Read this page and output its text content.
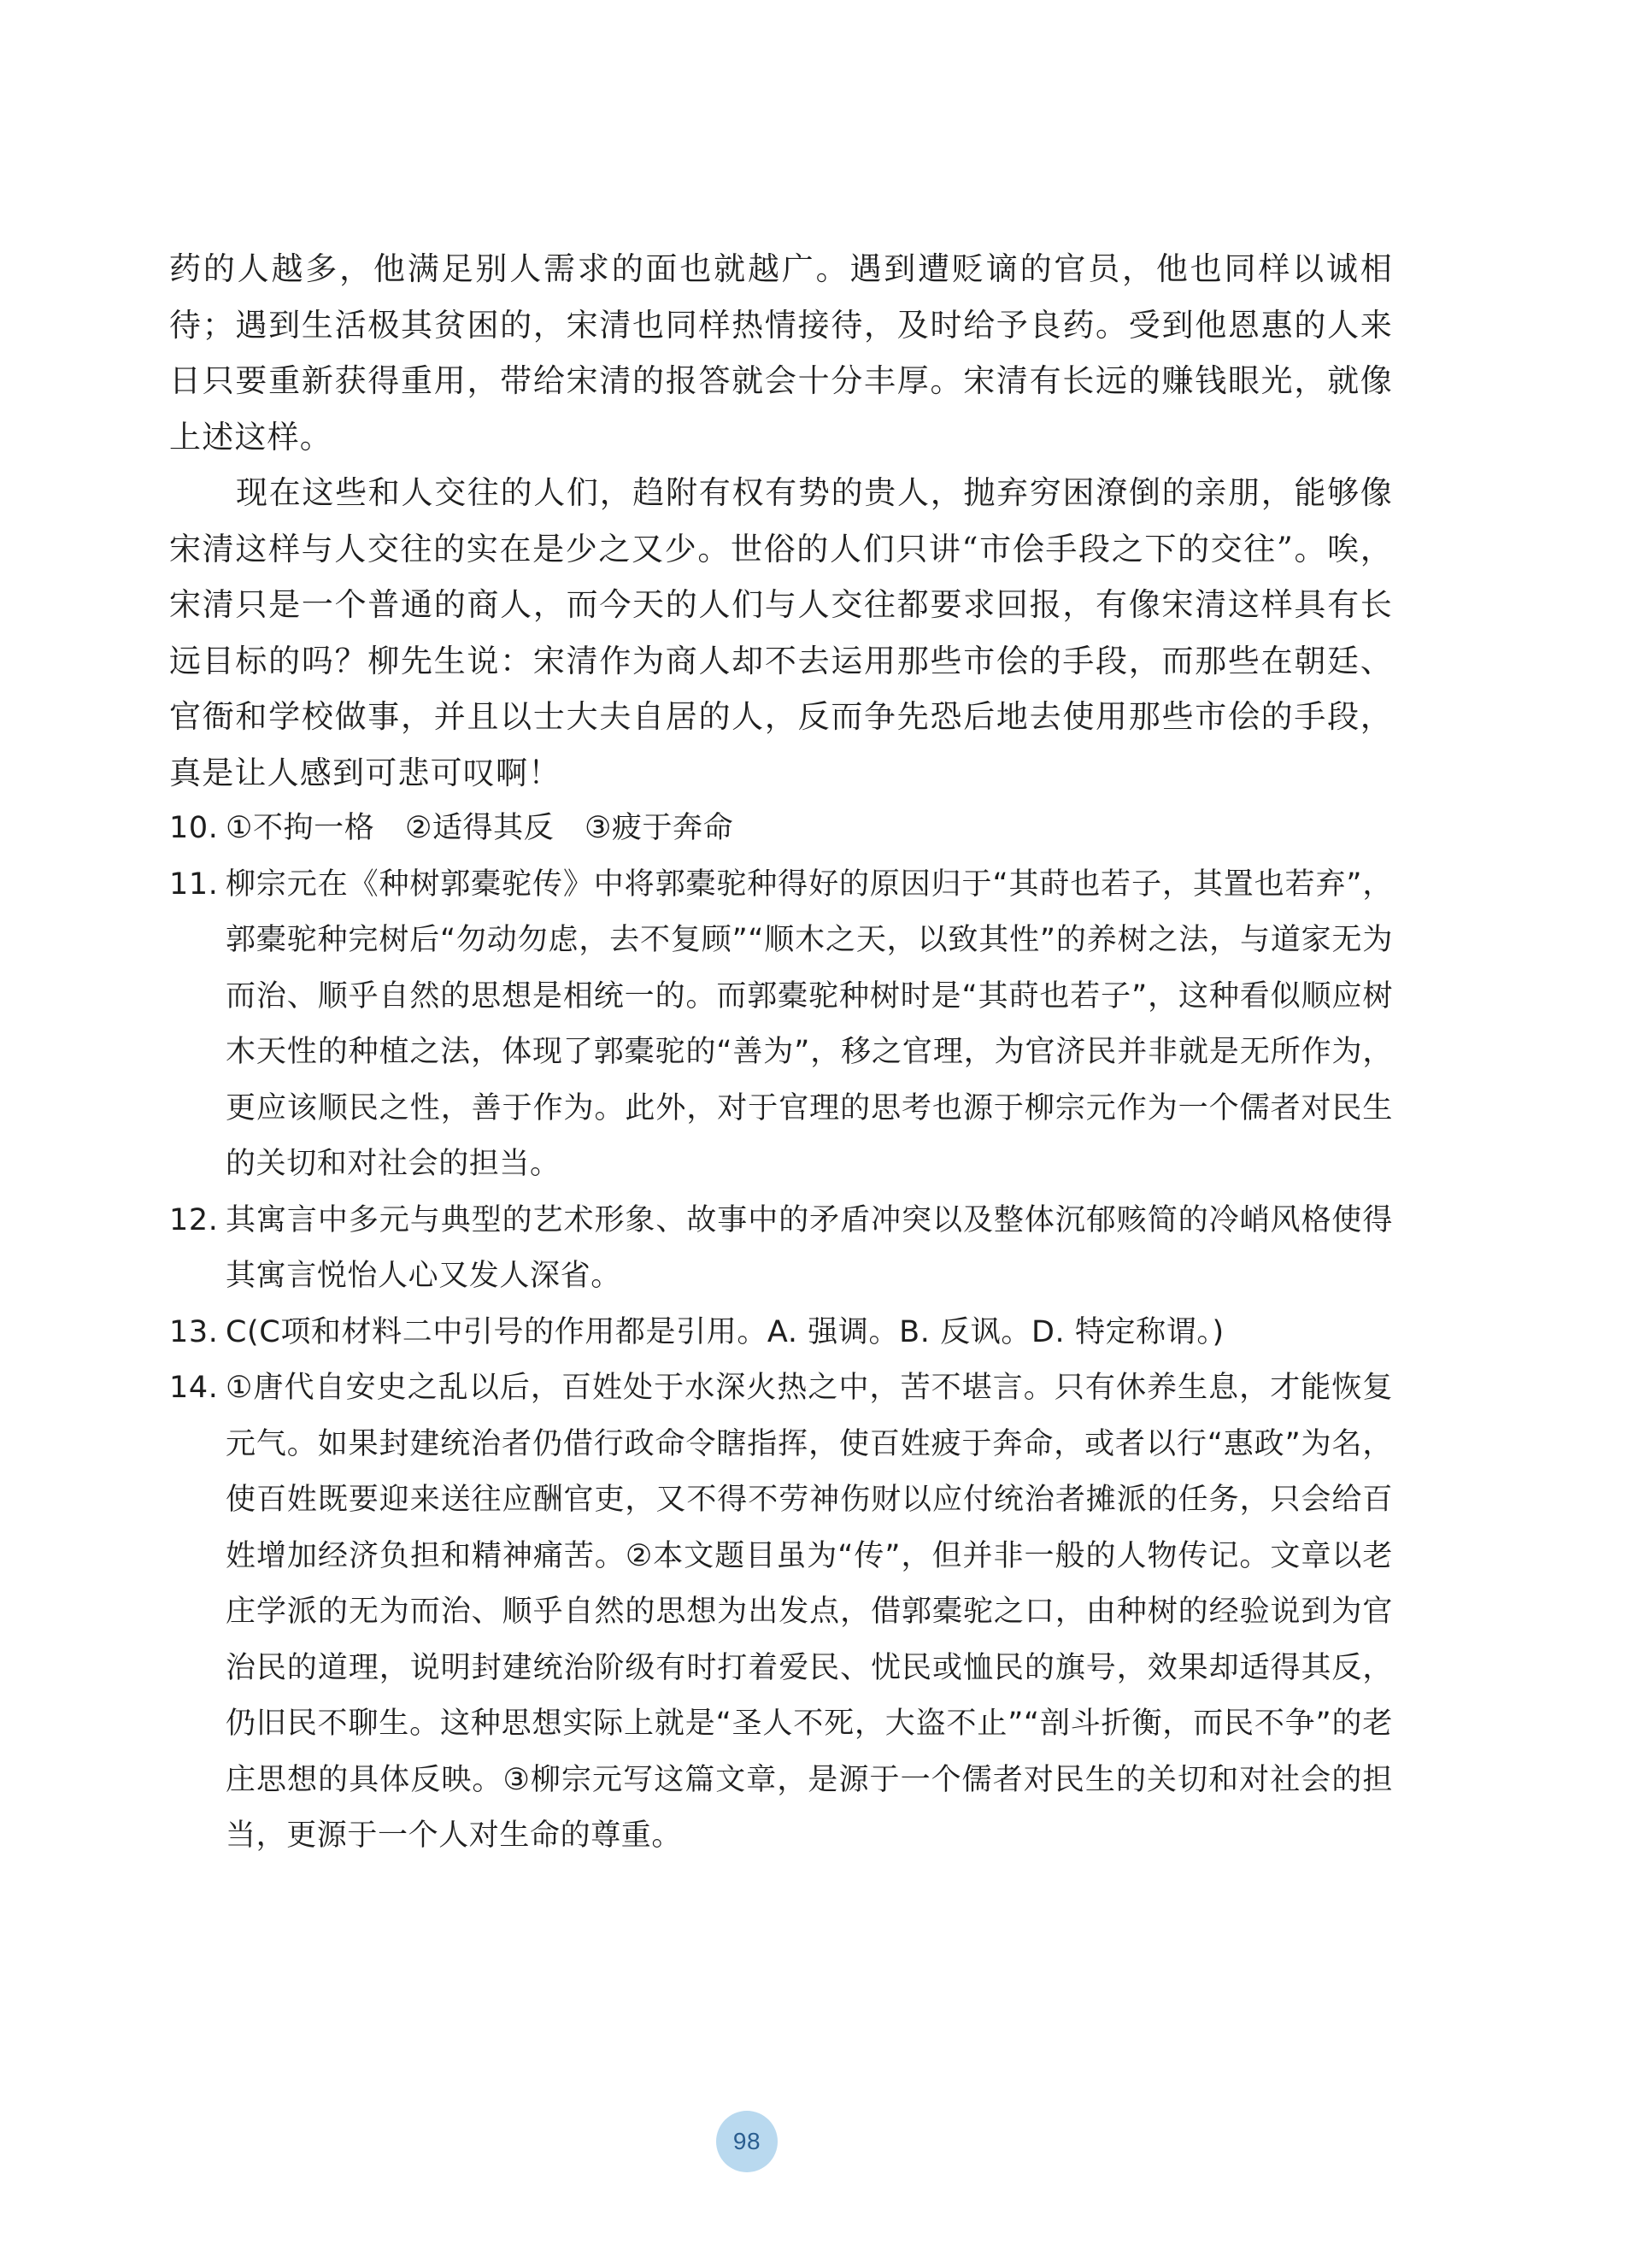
药的人越多，他满足别人需求的面也就越广。遇到遭贬谪的官员，他也同样以诚相待；遇到生活极其贫困的，宋清也同样热情接待，及时给予良药。受到他恩惠的人来日只要重新获得重用，带给宋清的报答就会十分丰厚。宋清有长远的赚钱眼光，就像上述这样。

现在这些和人交往的人们，趋附有权有势的贵人，抛弃穷困潦倒的亲朋，能够像宋清这样与人交往的实在是少之又少。世俗的人们只讲“市侩手段之下的交往”。唉，宋清只是一个普通的商人，而今天的人们与人交往都要求回报，有像宋清这样具有长远目标的吗？柳先生说：宋清作为商人却不去运用那些市侩的手段，而那些在朝廷、官衙和学校做事，并且以士大夫自居的人，反而争先恐后地去使用那些市侩的手段，真是让人感到可悲可叹啊！

10. ①不拘一格　②适得其反　③疲于奔命
11. 柳宗元在《种树郭橐驼传》中将郭橐驼种得好的原因归于“其莳也若子，其置也若弃”，郭橐驼种完树后“勿动勿虑，去不复顾”“顺木之天，以致其性”的养树之法，与道家无为而治、顺乎自然的思想是相统一的。而郭橐驼种树时是“其莳也若子”，这种看似顺应树木天性的种植之法，体现了郭橐驼的“善为”，移之官理，为官济民并非就是无所作为，更应该顺民之性，善于作为。此外，对于官理的思考也源于柳宗元作为一个儒者对民生的关切和对社会的担当。
12. 其寓言中多元与典型的艺术形象、故事中的矛盾冲突以及整体沉郁赅简的冷峭风格使得其寓言悦怡人心又发人深省。
13. C(C项和材料二中引号的作用都是引用。A. 强调。B. 反讽。D. 特定称谓。)
14. ①唐代自安史之乱以后，百姓处于水深火热之中，苦不堪言。只有休养生息，才能恢复元气。如果封建统治者仍借行政命令瞎指挥，使百姓疲于奔命，或者以行“惠政”为名，使百姓既要迎来送往应酬官吏，又不得不劳神伤财以应付统治者摊派的任务，只会给百姓增加经济负担和精神痛苦。②本文题目虽为“传”，但并非一般的人物传记。文章以老庄学派的无为而治、顺乎自然的思想为出发点，借郭橐驼之口，由种树的经验说到为官治民的道理，说明封建统治阶级有时打着爱民、忧民或恤民的旗号，效果却适得其反，仍旧民不聊生。这种思想实际上就是“圣人不死，大盗不止”“剖斗折衡，而民不争”的老庄思想的具体反映。③柳宗元写这篇文章，是源于一个儒者对民生的关切和对社会的担当，更源于一个人对生命的尊重。
98
